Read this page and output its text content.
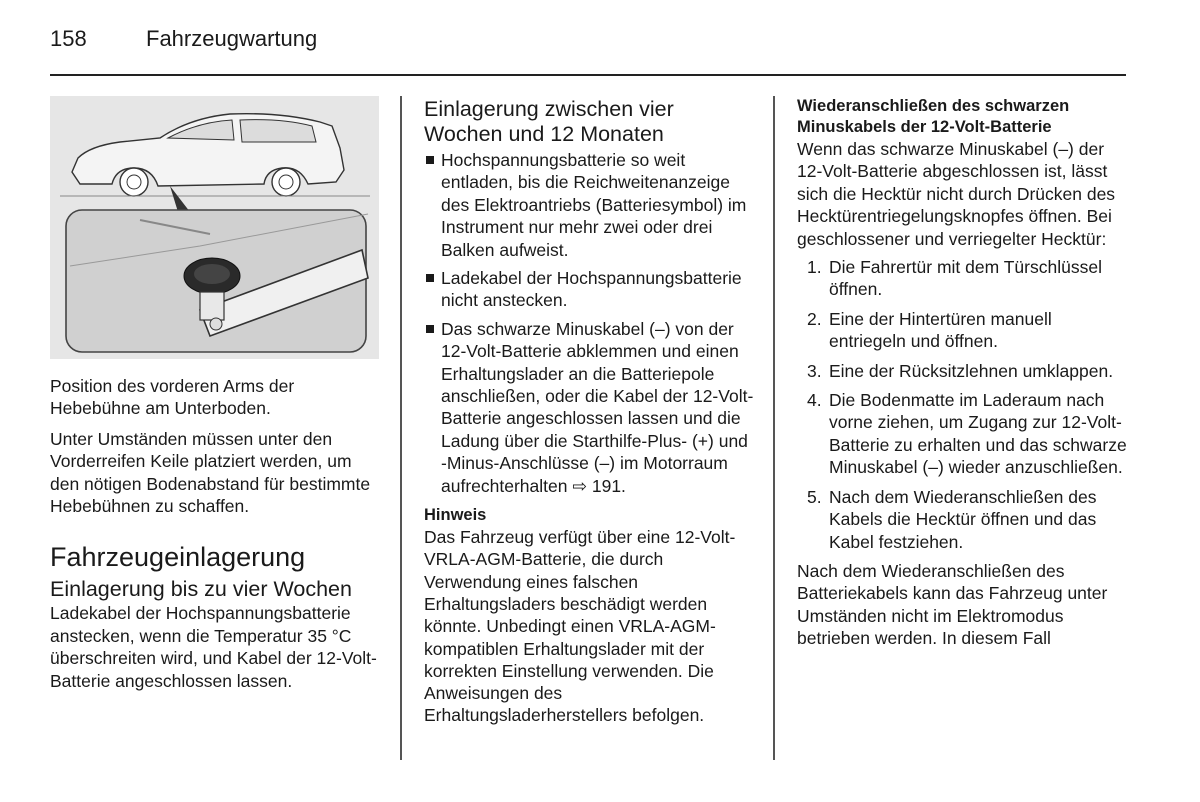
158	Fahrzeugwartung

Position des vorderen Arms der Hebebühne am Unterboden.

Unter Umständen müssen unter den Vorderreifen Keile platziert werden, um den nötigen Bodenabstand für bestimmte Hebebühnen zu schaffen.

Fahrzeugeinlagerung
Einlagerung bis zu vier Wochen

Ladekabel der Hochspannungsbatterie anstecken, wenn die Temperatur 35 °C überschreiten wird, und Kabel der 12-Volt-Batterie angeschlossen lassen.

Einlagerung zwischen vier Wochen und 12 Monaten
Hochspannungsbatterie so weit entladen, bis die Reichweitenanzeige des Elektroantriebs (Batteriesymbol) im Instrument nur mehr zwei oder drei Balken aufweist.
Ladekabel der Hochspannungsbatterie nicht anstecken.
Das schwarze Minuskabel (–) von der 12-Volt-Batterie abklemmen und einen Erhaltungslader an die Batteriepole anschließen, oder die Kabel der 12-Volt-Batterie angeschlossen lassen und die Ladung über die Starthilfe-Plus- (+) und -Minus-Anschlüsse (–) im Motorraum aufrechterhalten ⇨ 191.
Hinweis

Das Fahrzeug verfügt über eine 12-Volt-VRLA-AGM-Batterie, die durch Verwendung eines falschen Erhaltungsladers beschädigt werden könnte. Unbedingt einen VRLA-AGM-kompatiblen Erhaltungslader mit der korrekten Einstellung verwenden. Die Anweisungen des Erhaltungsladerherstellers befolgen.

Wiederanschließen des schwarzen Minuskabels der 12-Volt-Batterie

Wenn das schwarze Minuskabel (–) der 12-Volt-Batterie abgeschlossen ist, lässt sich die Hecktür nicht durch Drücken des Hecktürentriegelungsknopfes öffnen. Bei geschlossener und verriegelter Hecktür:

1. Die Fahrertür mit dem Türschlüssel öffnen.
2. Eine der Hintertüren manuell entriegeln und öffnen.
3. Eine der Rücksitzlehnen umklappen.
4. Die Bodenmatte im Laderaum nach vorne ziehen, um Zugang zur 12-Volt-Batterie zu erhalten und das schwarze Minuskabel (–) wieder anzuschließen.
5. Nach dem Wiederanschließen des Kabels die Hecktür öffnen und das Kabel festziehen.

Nach dem Wiederanschließen des Batteriekabels kann das Fahrzeug unter Umständen nicht im Elektromodus betrieben werden. In diesem Fall
